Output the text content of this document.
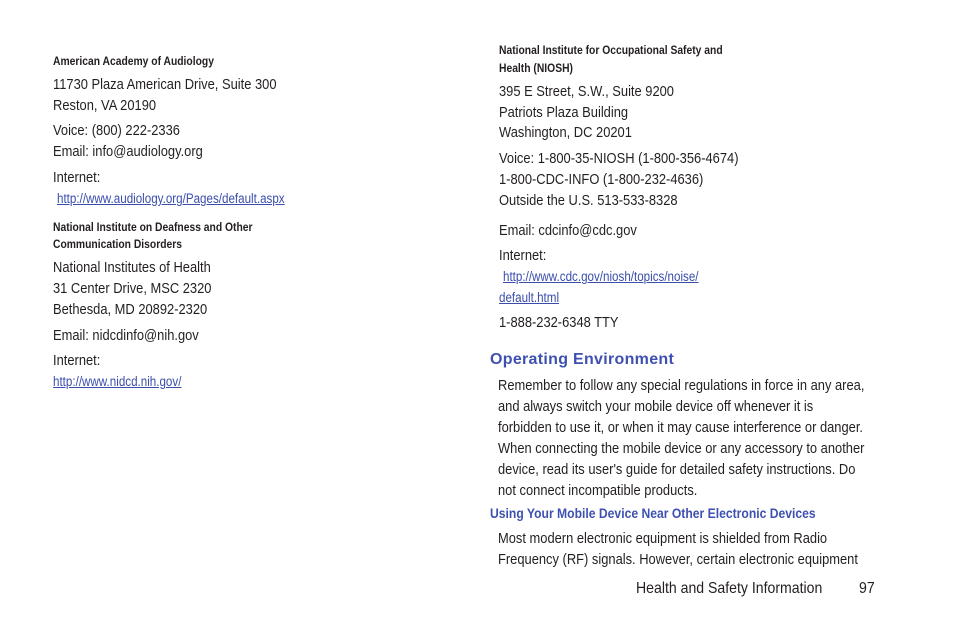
American Academy of Audiology
11730 Plaza American Drive, Suite 300
Reston, VA 20190
Voice: (800) 222-2336
Email: info@audiology.org
Internet:
http://www.audiology.org/Pages/default.aspx
National Institute on Deafness and Other
Communication Disorders
National Institutes of Health
31 Center Drive, MSC 2320
Bethesda, MD 20892-2320
Email: nidcdinfo@nih.gov
Internet:
http://www.nidcd.nih.gov/
National Institute for Occupational Safety and
Health (NIOSH)
395 E Street, S.W., Suite 9200
Patriots Plaza Building
Washington, DC 20201
Voice: 1-800-35-NIOSH (1-800-356-4674)
1-800-CDC-INFO (1-800-232-4636)
Outside the U.S. 513-533-8328
Email: cdcinfo@cdc.gov
Internet:
http://www.cdc.gov/niosh/topics/noise/
default.html
1-888-232-6348 TTY
Operating Environment
Remember to follow any special regulations in force in any area,
and always switch your mobile device off whenever it is
forbidden to use it, or when it may cause interference or danger.
When connecting the mobile device or any accessory to another
device, read its user's guide for detailed safety instructions. Do
not connect incompatible products.
Using Your Mobile Device Near Other Electronic Devices
Most modern electronic equipment is shielded from Radio
Frequency (RF) signals. However, certain electronic equipment
Health and Safety Information 97
